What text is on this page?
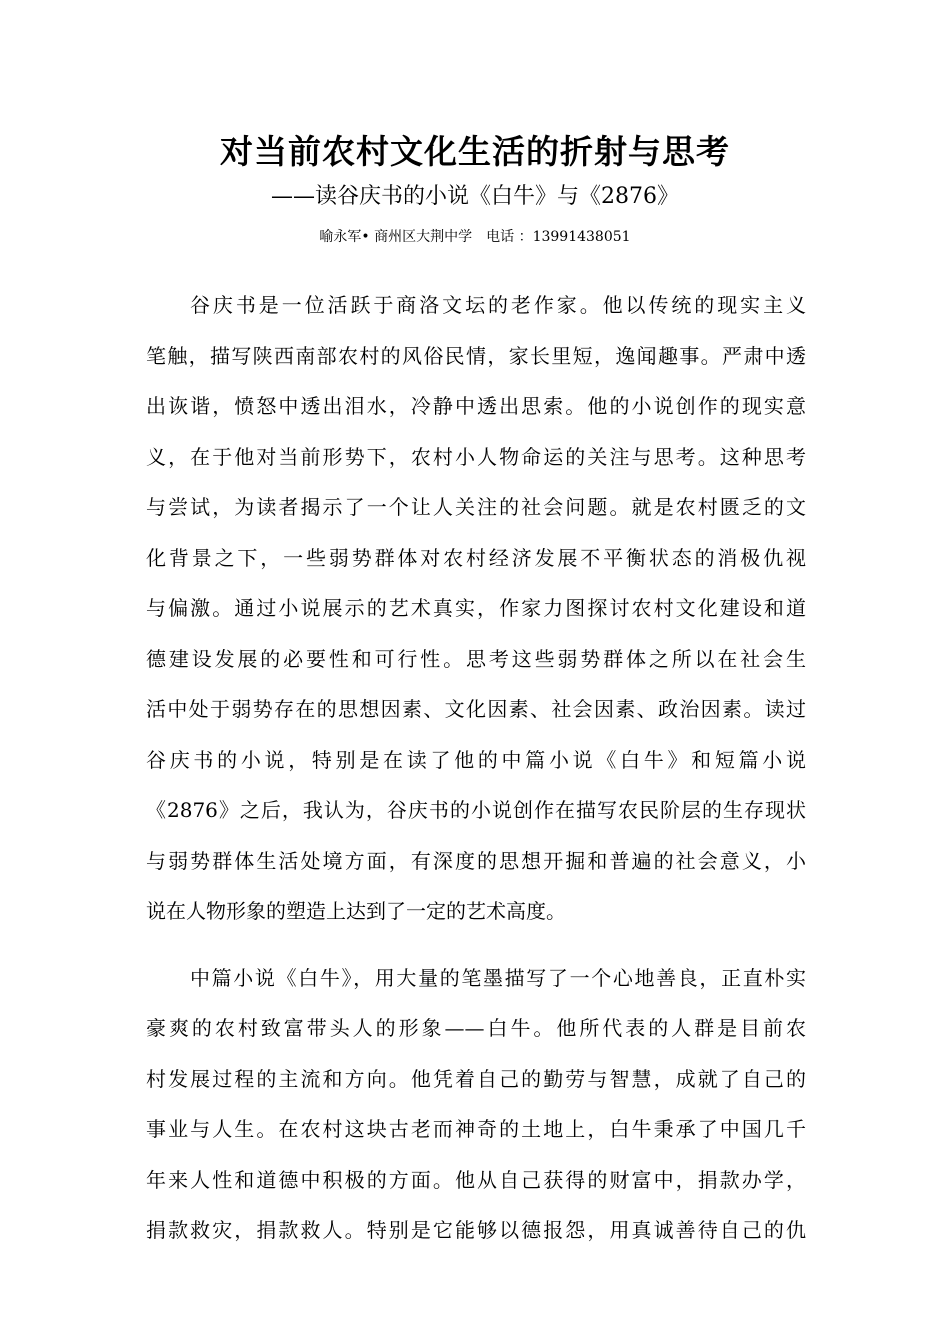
对当前农村文化生活的折射与思考
——读谷庆书的小说《白牛》与《2876》
喻永军• 商州区大荆中学　电话 ：13991438051
谷庆书是一位活跃于商洛文坛的老作家。他以传统的现实主义
笔触，描写陕西南部农村的风俗民情，家长里短，逸闻趣事。严肃中透
出诙谐，愤怒中透出泪水，冷静中透出思索。他的小说创作的现实意
义，在于他对当前形势下，农村小人物命运的关注与思考。这种思考
与尝试，为读者揭示了一个让人关注的社会问题。就是农村匮乏的文
化背景之下，一些弱势群体对农村经济发展不平衡状态的消极仇视
与偏激。通过小说展示的艺术真实，作家力图探讨农村文化建设和道
德建设发展的必要性和可行性。思考这些弱势群体之所以在社会生
活中处于弱势存在的思想因素、文化因素、社会因素、政治因素。读过
谷庆书的小说，特别是在读了他的中篇小说《白牛》和短篇小说
《2876》之后，我认为，谷庆书的小说创作在描写农民阶层的生存现状
与弱势群体生活处境方面，有深度的思想开掘和普遍的社会意义，小
说在人物形象的塑造上达到了一定的艺术高度。
中篇小说《白牛》，用大量的笔墨描写了一个心地善良，正直朴实
豪爽的农村致富带头人的形象——白牛。他所代表的人群是目前农
村发展过程的主流和方向。他凭着自己的勤劳与智慧，成就了自己的
事业与人生。在农村这块古老而神奇的土地上，白牛秉承了中国几千
年来人性和道德中积极的方面。他从自己获得的财富中，捐款办学，
捐款救灾，捐款救人。特别是它能够以德报怨，用真诚善待自己的仇
